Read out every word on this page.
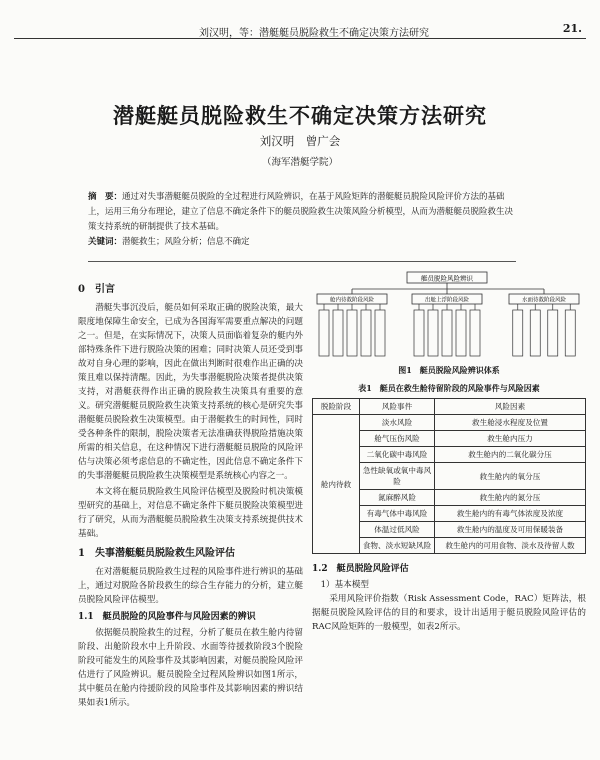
刘汉明，等：潜艇艇员脱险救生不确定决策方法研究	21.
潜艇艇员脱险救生不确定决策方法研究
刘汉明　曾广会
（海军潜艇学院）
摘　要：通过对失事潜艇艇员脱险的全过程进行风险辨识，在基于风险矩阵的潜艇艇员脱险风险评价方法的基础上，运用三角分布理论，建立了信息不确定条件下的艇员脱险救生决策风险分析模型，从而为潜艇艇员脱险救生决策支持系统的研制提供了技术基础。
关键词：潜艇救生；风险分析；信息不确定
0　引言

潜艇失事沉没后，艇员如何采取正确的脱险决策，最大限度地保障生命安全，已成为各国海军需要重点解决的问题之一。但是，在实际情况下，决策人员面临着复杂的艇内外部特殊条件下进行脱险决策的困难；同时决策人员还受到事故对自身心理的影响，因此在做出判断时很难作出正确的决策且难以保持清醒。因此，为失事潜艇脱险决策者提供决策支持，对潜艇获得作出正确的脱险救生决策具有重要的意义。研究潜艇艇员脱险救生决策支持系统的核心是研究失事潜艇艇员脱险救生决策模型。由于潜艇救生的时间性，同时受各种条件的限制，脱险决策者无法准确获得脱险措施决策所需的相关信息，在这种情况下进行潜艇艇员脱险的风险评估与决策必须考虑信息的不确定性，因此信息不确定条件下的失事潜艇艇员脱险救生决策模型是系统核心内容之一。

本文将在艇员脱险救生风险评估模型及脱险时机决策模型研究的基础上，对信息不确定条件下艇员脱险决策模型进行了研究，从而为潜艇艇员脱险救生决策支持系统提供技术基础。

1　失事潜艇艇员脱险救生风险评估

在对潜艇艇员脱险救生过程的风险事件进行辨识的基础上，通过对脱险各阶段救生的综合生存能力的分析，建立艇员脱险风险评估模型。

1.1　艇员脱险的风险事件与风险因素的辨识

依据艇员脱险救生的过程，分析了艇员在救生舱内待留阶段、出舱阶段水中上升阶段、水面等待援救阶段3个脱险阶段可能发生的风险事件及其影响因素，对艇员脱险风险评估进行了风险辨识。艇员脱险全过程风险辨识如图1所示，其中艇员在舱内待援阶段的风险事件及其影响因素的辨识结果如表1所示。

艇员脱险风险辨识
舱内待救阶段风险	出舱上浮阶段风险	水面待救阶段风险
图1　艇员脱险风险辨识体系
表1　艇员在救生舱待留阶段的风险事件与风险因素
脱险阶段	风险事件	风险因素
舱内待救	淡水风险	救生舱浸水程度及位置
	舱气压伤风险	救生舱内压力
	二氧化碳中毒风险	救生舱内的二氧化碳分压
	急性缺氧或氧中毒风险	救生舱内的氧分压
	氮麻醉风险	救生舱内的氮分压
	有毒气体中毒风险	救生舱内的有毒气体浓度及浓度
	体温过低风险	救生舱内的温度及可用保暖装备
	食物、淡水短缺风险	救生舱内的可用食物、淡水及待留人数
1.2　艇员脱险风险评估
1）基本模型

采用风险评价指数（Risk Assessment Code，RAC）矩阵法，根据艇员脱险风险评估的目的和要求，设计出适用于艇员脱险风险评估的RAC风险矩阵的一般模型，如表2所示。
